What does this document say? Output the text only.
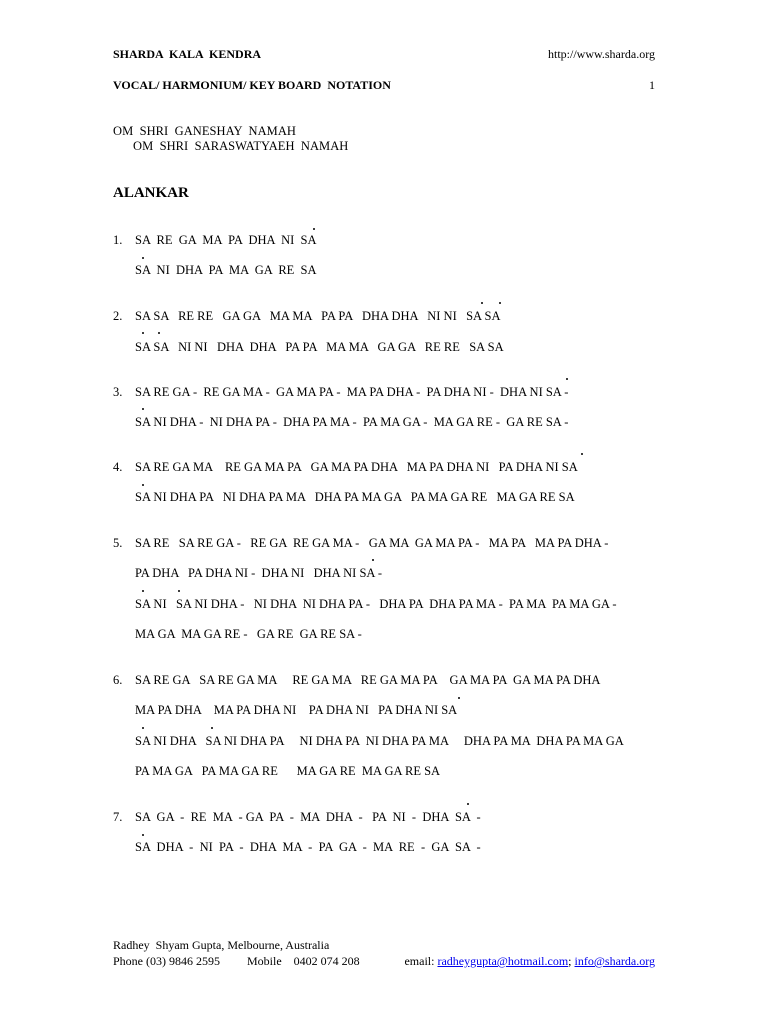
SHARDA  KALA  KENDRA	http://www.sharda.org
VOCAL/ HARMONIUM/ KEY BOARD  NOTATION	1
OM  SHRI  GANESHAY  NAMAH
OM  SHRI  SARASWATYAEH  NAMAH
ALANKAR
1. SA  RE  GA  MA  PA  DHA  NI  SA
SA  NI  DHA  PA  MA  GA  RE  SA
2. SA SA   RE RE   GA GA   MA MA   PA PA   DHA DHA   NI NI   SA SA
SA SA   NI NI   DHA  DHA   PA PA   MA MA   GA GA   RE RE   SA SA
3. SA RE GA -  RE GA MA -  GA MA PA -  MA PA DHA -  PA DHA NI -  DHA NI SA -
SA NI DHA -  NI DHA PA -  DHA PA MA -  PA MA GA -  MA GA RE -  GA RE SA -
4. SA RE GA MA    RE GA MA PA   GA MA PA DHA   MA PA DHA NI   PA DHA NI SA
SA NI DHA PA   NI DHA PA MA   DHA PA MA GA   PA MA GA RE   MA GA RE SA
5. SA RE   SA RE GA -   RE GA  RE GA MA -   GA MA  GA MA PA -   MA PA   MA PA DHA -
PA DHA   PA DHA NI -  DHA NI   DHA NI SA -
SA NI   SA NI DHA -   NI DHA  NI DHA PA -   DHA PA  DHA PA MA -  PA MA  PA MA GA -
MA GA  MA GA RE -   GA RE  GA RE SA -
6. SA RE GA   SA RE GA MA     RE GA MA   RE GA MA PA    GA MA PA  GA MA PA DHA
MA PA DHA    MA PA DHA NI    PA DHA NI   PA DHA NI SA
SA NI DHA   SA NI DHA PA     NI DHA PA  NI DHA PA MA     DHA PA MA  DHA PA MA GA
PA MA GA   PA MA GA RE      MA GA RE  MA GA RE SA
7. SA  GA  -  RE  MA  - GA  PA  -  MA  DHA  -   PA  NI  -  DHA  SA  -
SA  DHA  -  NI  PA  -  DHA  MA  -  PA  GA  -  MA  RE  -  GA  SA  -
Radhey  Shyam Gupta, Melbourne, Australia
Phone (03) 9846 2595 Mobile    0402 074 208	email: radheygupta@hotmail.com; info@sharda.org
